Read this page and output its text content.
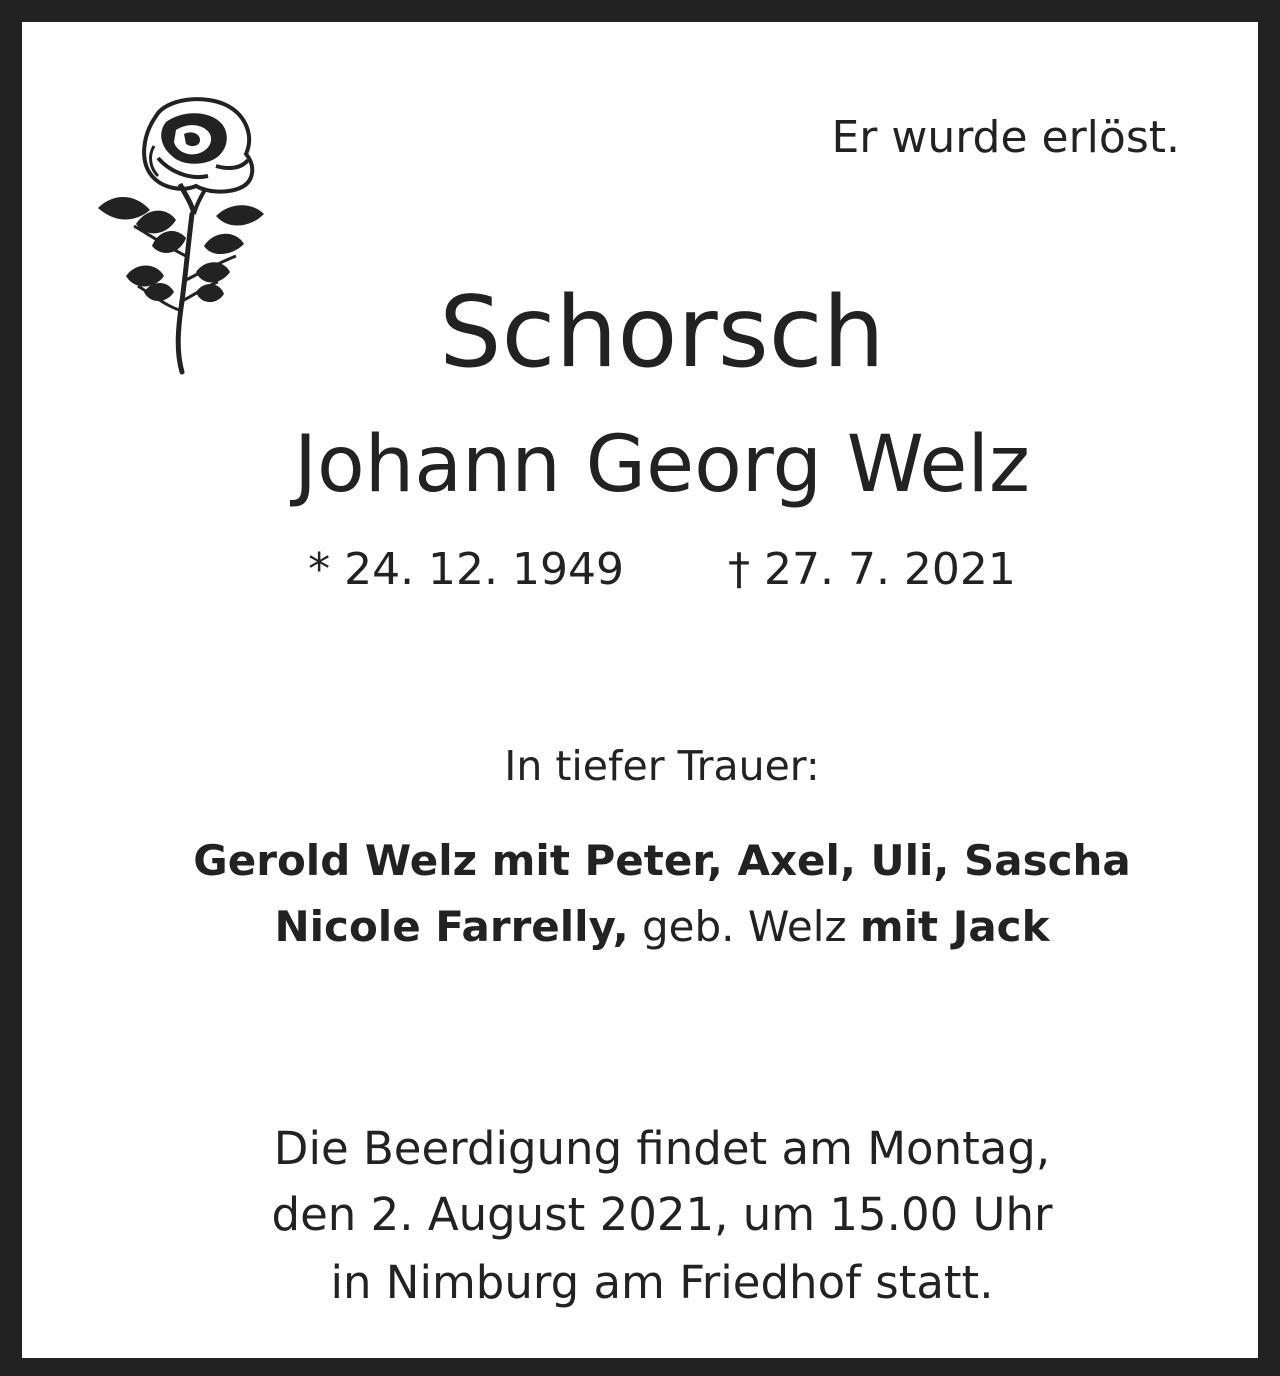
Er wurde erlöst.
Schorsch
Johann Georg Welz
* 24. 12. 1949 † 27. 7. 2021
In tiefer Trauer:
Gerold Welz mit Peter, Axel, Uli, Sascha
Nicole Farrelly, geb. Welz mit Jack
Die Beerdigung findet am Montag,
den 2. August 2021, um 15.00 Uhr
in Nimburg am Friedhof statt.
